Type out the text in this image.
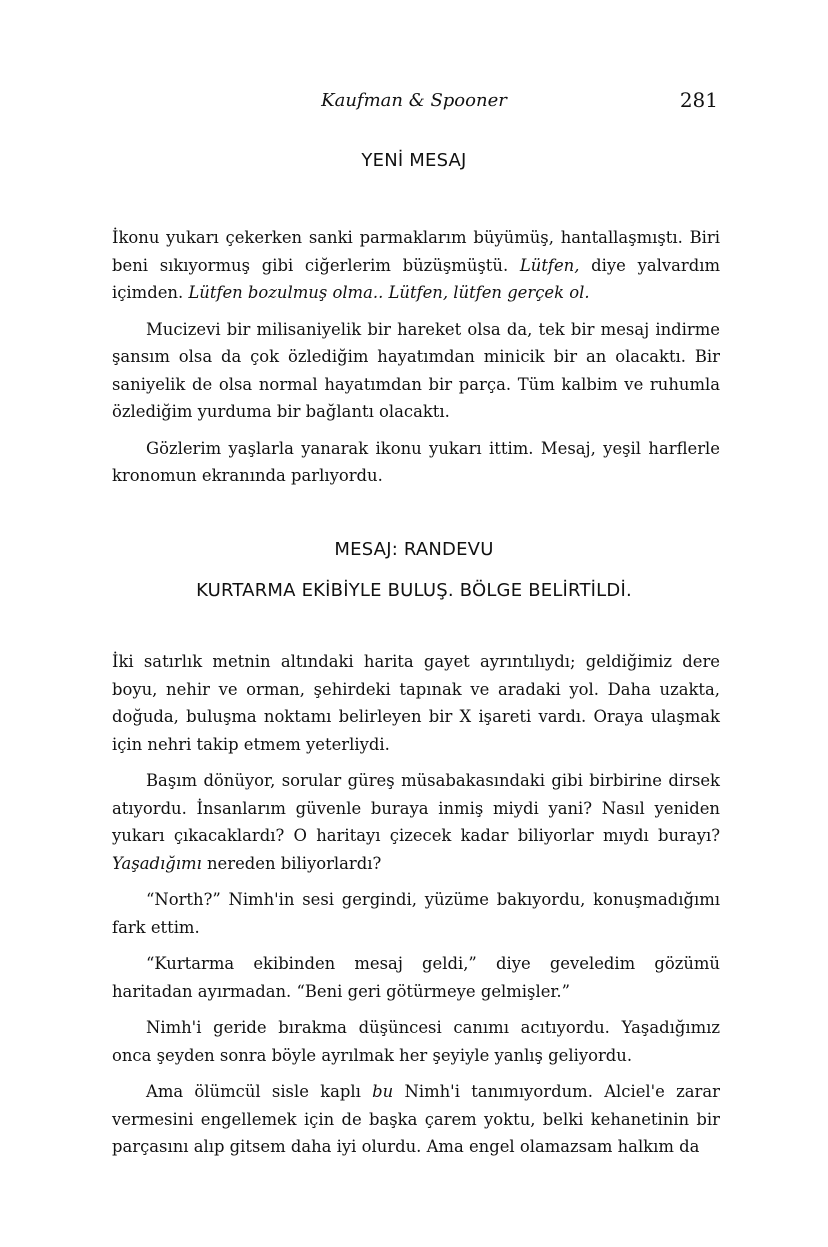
Kaufman & Spooner	281
YENİ MESAJ

İkonu yukarı çekerken sanki parmaklarım büyümüş, hantallaşmıştı. Biri beni sıkıyormuş gibi ciğerlerim büzüşmüştü. Lütfen, diye yalvardım içimden. Lütfen bozulmuş olma.. Lütfen, lütfen gerçek ol.

Mucizevi bir milisaniyelik bir hareket olsa da, tek bir mesaj indirme şansım olsa da çok özlediğim hayatımdan minicik bir an olacaktı. Bir saniyelik de olsa normal hayatımdan bir parça. Tüm kalbim ve ruhumla özlediğim yurduma bir bağlantı olacaktı.

Gözlerim yaşlarla yanarak ikonu yukarı ittim. Mesaj, yeşil harflerle kronomun ekranında parlıyordu.

MESAJ: RANDEVU
KURTARMA EKİBİYLE BULUŞ. BÖLGE BELİRTİLDİ.

İki satırlık metnin altındaki harita gayet ayrıntılıydı; geldiğimiz dere boyu, nehir ve orman, şehirdeki tapınak ve aradaki yol. Daha uzakta, doğuda, buluşma noktamı belirleyen bir X işareti vardı. Oraya ulaşmak için nehri takip etmem yeterliydi.

Başım dönüyor, sorular güreş müsabakasındaki gibi birbirine dirsek atıyordu. İnsanlarım güvenle buraya inmiş miydi yani? Nasıl yeniden yukarı çıkacaklardı? O haritayı çizecek kadar biliyorlar mıydı burayı? Yaşadığımı nereden biliyorlardı?

“North?” Nimh'in sesi gergindi, yüzüme bakıyordu, konuşmadığımı fark ettim.

“Kurtarma ekibinden mesaj geldi,” diye geveledim gözümü haritadan ayırmadan. “Beni geri götürmeye gelmişler.”

Nimh'i geride bırakma düşüncesi canımı acıtıyordu. Yaşadığımız onca şeyden sonra böyle ayrılmak her şeyiyle yanlış geliyordu.

Ama ölümcül sisle kaplı bu Nimh'i tanımıyordum. Alciel'e zarar vermesini engellemek için de başka çarem yoktu, belki kehanetinin bir parçasını alıp gitsem daha iyi olurdu. Ama engel olamazsam halkım da
